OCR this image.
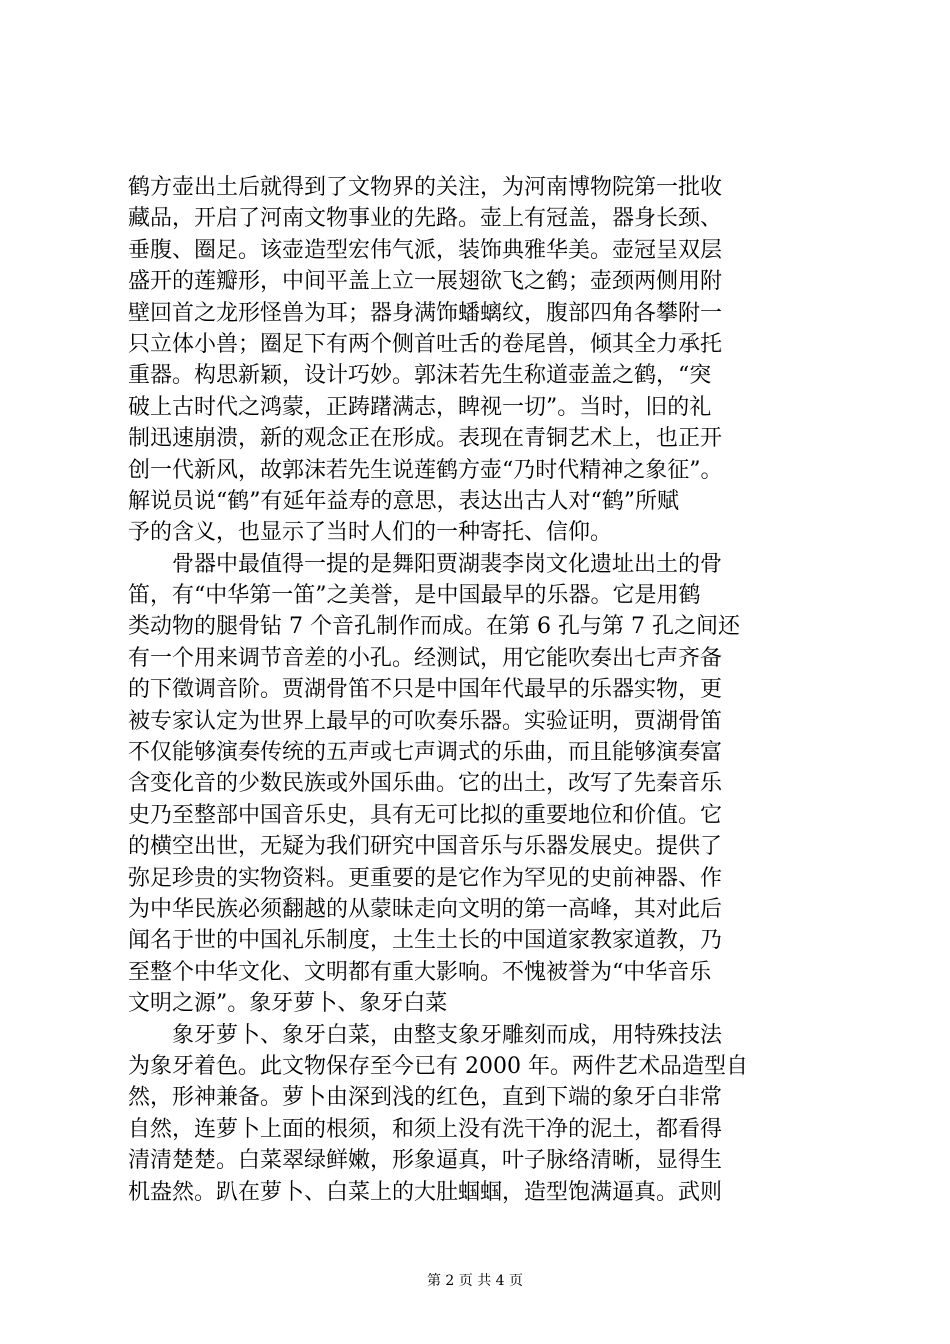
鹤方壶出土后就得到了文物界的关注，为河南博物院第一批收
藏品，开启了河南文物事业的先路。壶上有冠盖，器身长颈、
垂腹、圈足。该壶造型宏伟气派，装饰典雅华美。壶冠呈双层
盛开的莲瓣形，中间平盖上立一展翅欲飞之鹤；壶颈两侧用附
壁回首之龙形怪兽为耳；器身满饰蟠螭纹，腹部四角各攀附一
只立体小兽；圈足下有两个侧首吐舌的卷尾兽，倾其全力承托
重器。构思新颖，设计巧妙。郭沫若先生称道壶盖之鹤，“突
破上古时代之鸿蒙，正踌躇满志，睥视一切”。当时，旧的礼
制迅速崩溃，新的观念正在形成。表现在青铜艺术上，也正开
创一代新风，故郭沫若先生说莲鹤方壶“乃时代精神之象征”。
解说员说“鹤”有延年益寿的意思，表达出古人对“鹤”所赋
予的含义，也显示了当时人们的一种寄托、信仰。
　　骨器中最值得一提的是舞阳贾湖裴李岗文化遗址出土的骨
笛，有“中华第一笛”之美誉，是中国最早的乐器。它是用鹤
类动物的腿骨钻 7 个音孔制作而成。在第 6 孔与第 7 孔之间还
有一个用来调节音差的小孔。经测试，用它能吹奏出七声齐备
的下徵调音阶。贾湖骨笛不只是中国年代最早的乐器实物，更
被专家认定为世界上最早的可吹奏乐器。实验证明，贾湖骨笛
不仅能够演奏传统的五声或七声调式的乐曲，而且能够演奏富
含变化音的少数民族或外国乐曲。它的出土，改写了先秦音乐
史乃至整部中国音乐史，具有无可比拟的重要地位和价值。它
的横空出世，无疑为我们研究中国音乐与乐器发展史。提供了
弥足珍贵的实物资料。更重要的是它作为罕见的史前神器、作
为中华民族必须翻越的从蒙昧走向文明的第一高峰，其对此后
闻名于世的中国礼乐制度，土生土长的中国道家教家道教，乃
至整个中华文化、文明都有重大影响。不愧被誉为“中华音乐
文明之源”。象牙萝卜、象牙白菜
　　象牙萝卜、象牙白菜，由整支象牙雕刻而成，用特殊技法
为象牙着色。此文物保存至今已有 2000 年。两件艺术品造型自
然，形神兼备。萝卜由深到浅的红色，直到下端的象牙白非常
自然，连萝卜上面的根须，和须上没有洗干净的泥土，都看得
清清楚楚。白菜翠绿鲜嫩，形象逼真，叶子脉络清晰，显得生
机盎然。趴在萝卜、白菜上的大肚蝈蝈，造型饱满逼真。武则
第 2 页 共 4 页
